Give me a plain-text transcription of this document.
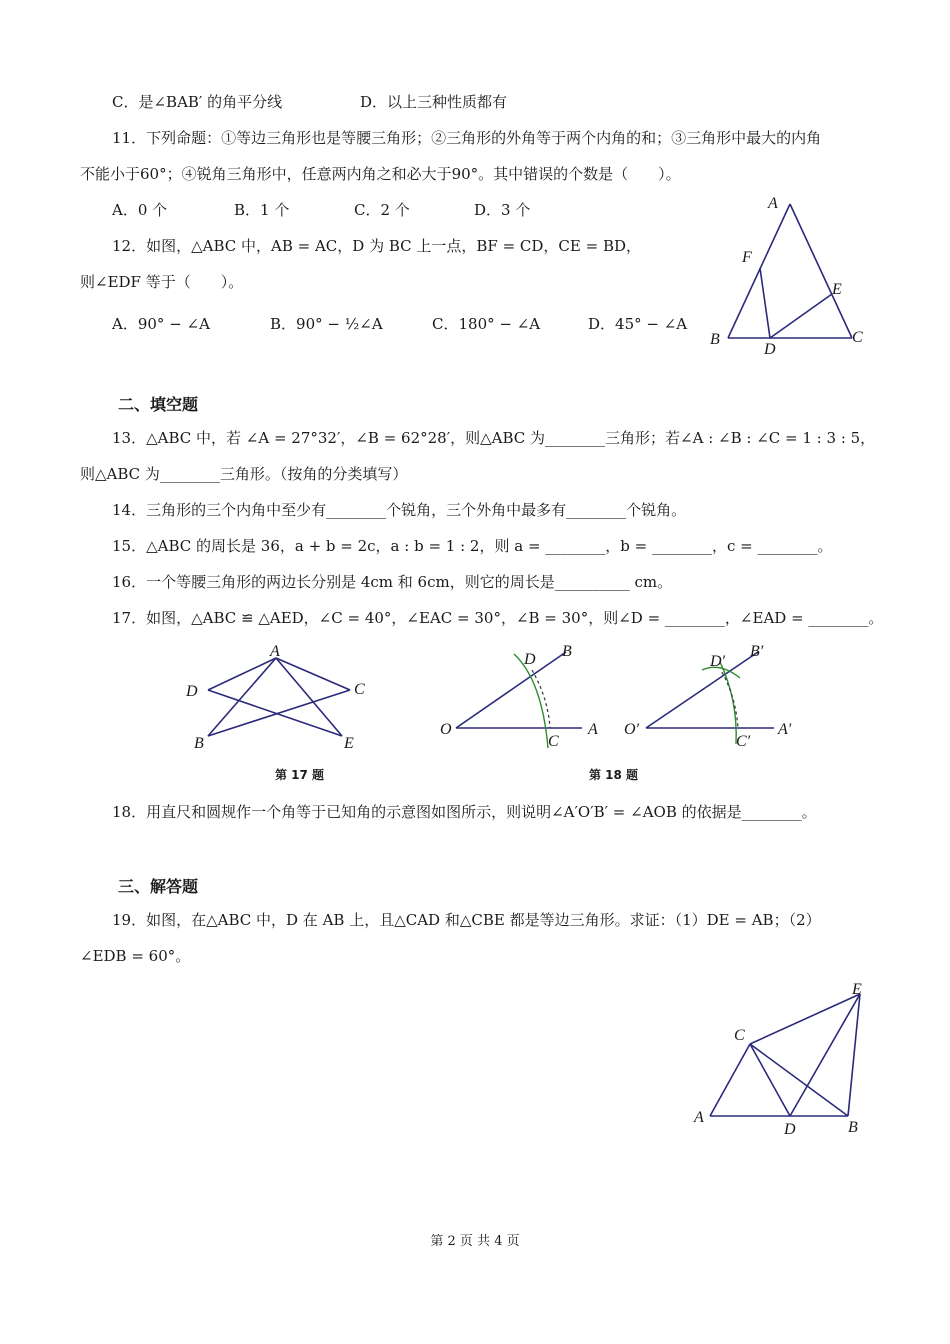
C．是∠BAB′ 的角平分线	D．以上三种性质都有
11．下列命题：①等边三角形也是等腰三角形；②三角形的外角等于两个内角的和；③三角形中最大的内角
不能小于60°；④锐角三角形中，任意两内角之和必大于90°。其中错误的个数是（　　）。
A．0 个	B．1 个	C．2 个	D．3 个
12．如图，△ABC 中，AB = AC，D 为 BC 上一点，BF = CD，CE = BD，
则∠EDF 等于（　　）。
A．90° − ∠A	B．90° − ½∠A	C．180° − ∠A	D．45° − ∠A
A
F
E
B
D
C
二、填空题
13．△ABC 中，若 ∠A = 27°32′，∠B = 62°28′，则△ABC 为________三角形；若∠A : ∠B : ∠C = 1 : 3 : 5，
则△ABC 为________三角形。（按角的分类填写）
14．三角形的三个内角中至少有________个锐角，三个外角中最多有________个锐角。
15．△ABC 的周长是 36，a + b = 2c，a : b = 1 : 2，则 a = ________，b = ________，c = ________。
16．一个等腰三角形的两边长分别是 4cm 和 6cm，则它的周长是__________ cm。
17．如图，△ABC ≌ △AED，∠C = 40°，∠EAC = 30°，∠B = 30°，则∠D = ________，∠EAD = ________。
A
D	C
B	E
第 17 题
D B
O
C
A
D′
B′
O′
C′
A′
第 18 题
18．用直尺和圆规作一个角等于已知角的示意图如图所示，则说明∠A′O′B′ = ∠AOB 的依据是________。
三、解答题
19．如图，在△ABC 中，D 在 AB 上，且△CAD 和△CBE 都是等边三角形。求证：（1）DE = AB；（2）
∠EDB = 60°。
E
C
A
D	B
第 2 页 共 4 页
